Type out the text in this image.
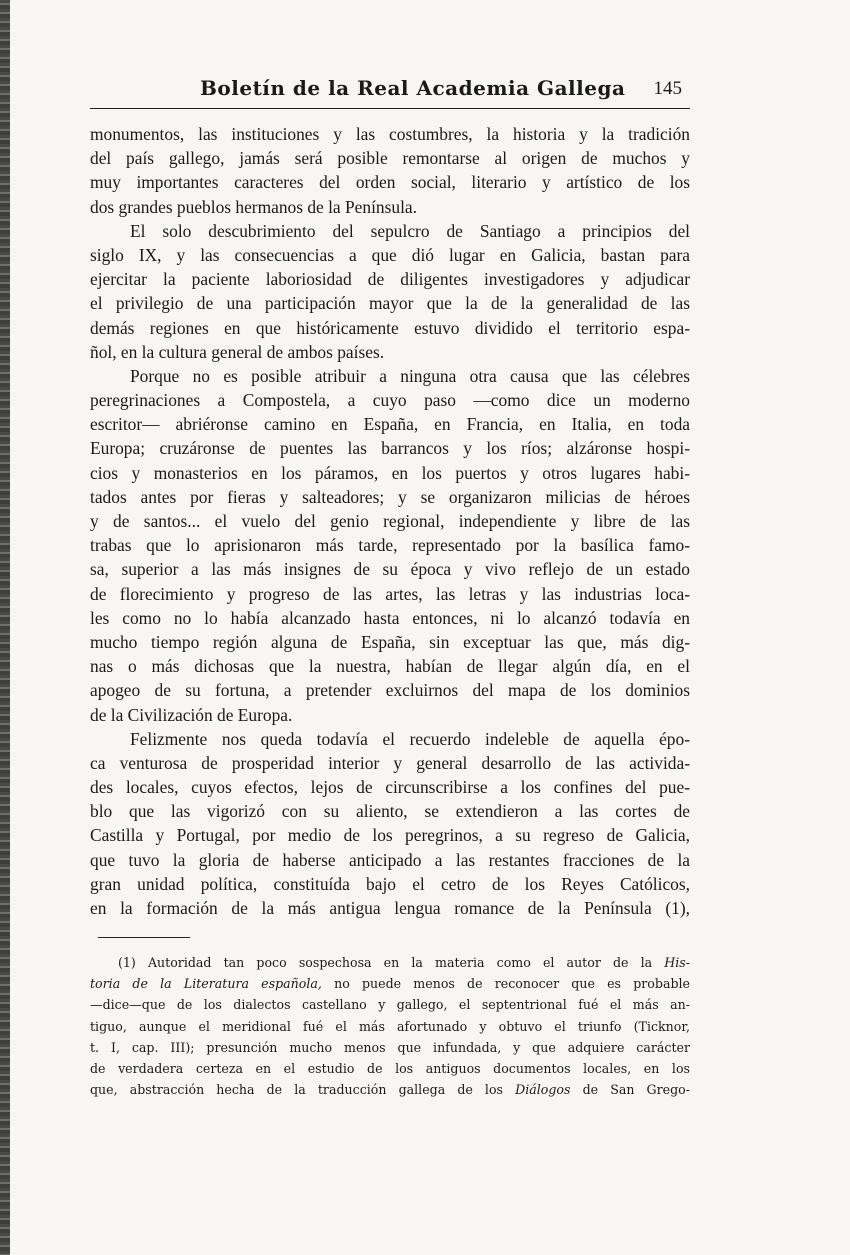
Boletín de la Real Academia Gallega 145
monumentos, las instituciones y las costumbres, la historia y la tradición
del país gallego, jamás será posible remontarse al origen de muchos y
muy importantes caracteres del orden social, literario y artístico de los
dos grandes pueblos hermanos de la Península.
El solo descubrimiento del sepulcro de Santiago a principios del
siglo IX, y las consecuencias a que dió lugar en Galicia, bastan para
ejercitar la paciente laboriosidad de diligentes investigadores y adjudicar
el privilegio de una participación mayor que la de la generalidad de las
demás regiones en que históricamente estuvo dividido el territorio espa-
ñol, en la cultura general de ambos países.
Porque no es posible atribuir a ninguna otra causa que las célebres
peregrinaciones a Compostela, a cuyo paso —como dice un moderno
escritor— abriéronse camino en España, en Francia, en Italia, en toda
Europa; cruzáronse de puentes las barrancos y los ríos; alzáronse hospi-
cios y monasterios en los páramos, en los puertos y otros lugares habi-
tados antes por fieras y salteadores; y se organizaron milicias de héroes
y de santos... el vuelo del genio regional, independiente y libre de las
trabas que lo aprisionaron más tarde, representado por la basílica famo-
sa, superior a las más insignes de su época y vivo reflejo de un estado
de florecimiento y progreso de las artes, las letras y las industrias loca-
les como no lo había alcanzado hasta entonces, ni lo alcanzó todavía en
mucho tiempo región alguna de España, sin exceptuar las que, más dig-
nas o más dichosas que la nuestra, habían de llegar algún día, en el
apogeo de su fortuna, a pretender excluirnos del mapa de los dominios
de la Civilización de Europa.
Felizmente nos queda todavía el recuerdo indeleble de aquella épo-
ca venturosa de prosperidad interior y general desarrollo de las activida-
des locales, cuyos efectos, lejos de circunscribirse a los confines del pue-
blo que las vigorizó con su aliento, se extendieron a las cortes de
Castilla y Portugal, por medio de los peregrinos, a su regreso de Galicia,
que tuvo la gloria de haberse anticipado a las restantes fracciones de la
gran unidad política, constituída bajo el cetro de los Reyes Católicos,
en la formación de la más antigua lengua romance de la Península (1),
(1) Autoridad tan poco sospechosa en la materia como el autor de la His-
toria de la Literatura española, no puede menos de reconocer que es probable
—dice—que de los dialectos castellano y gallego, el septentrional fué el más an-
tiguo, aunque el meridional fué el más afortunado y obtuvo el triunfo (Ticknor,
t. I, cap. III); presunción mucho menos que infundada, y que adquiere carácter
de verdadera certeza en el estudio de los antiguos documentos locales, en los
que, abstracción hecha de la traducción gallega de los Diálogos de San Grego-
